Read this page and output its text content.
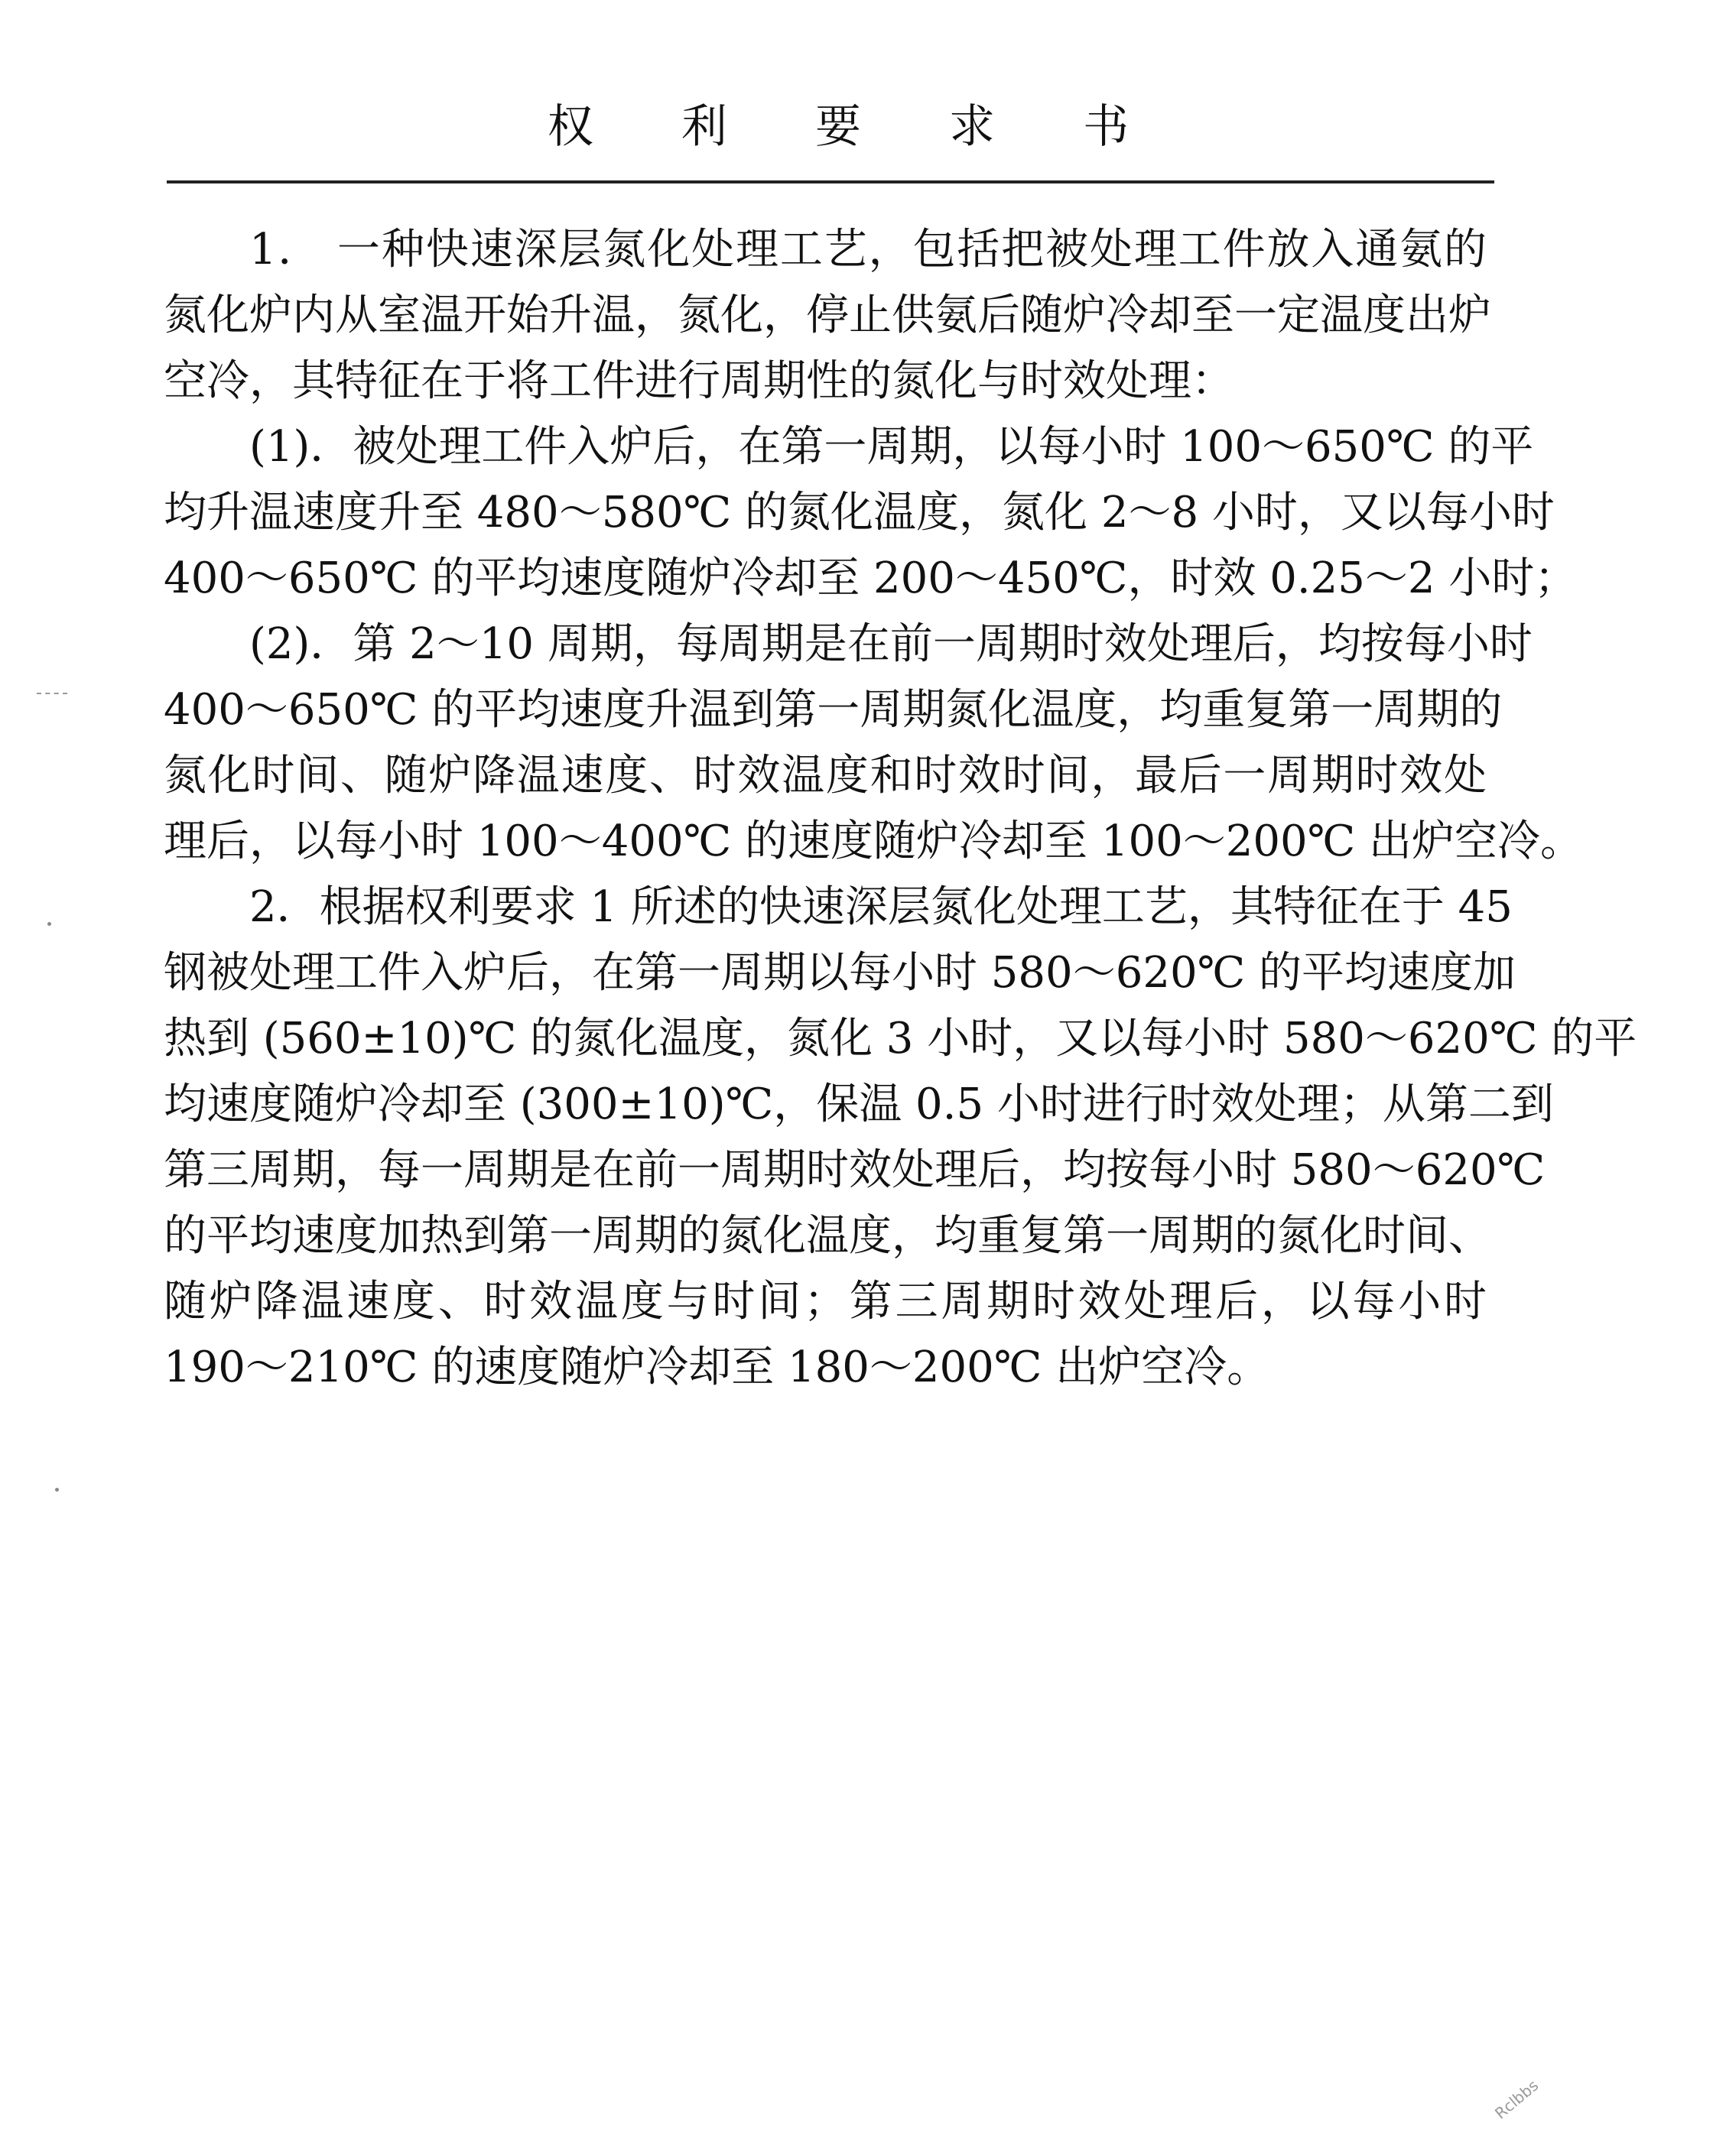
权 利 要 求 书
1． 一种快速深层氮化处理工艺，包括把被处理工件放入通氨的
氮化炉内从室温开始升温，氮化，停止供氨后随炉冷却至一定温度出炉
空冷，其特征在于将工件进行周期性的氮化与时效处理：
(1)．被处理工件入炉后，在第一周期，以每小时 100～650℃ 的平
均升温速度升至 480～580℃ 的氮化温度，氮化 2～8 小时，又以每小时
400～650℃ 的平均速度随炉冷却至 200～450℃，时效 0.25～2 小时；
(2)．第 2～10 周期，每周期是在前一周期时效处理后，均按每小时
400～650℃ 的平均速度升温到第一周期氮化温度，均重复第一周期的
氮化时间、随炉降温速度、时效温度和时效时间，最后一周期时效处
理后，以每小时 100～400℃ 的速度随炉冷却至 100～200℃ 出炉空冷。
2．根据权利要求 1 所述的快速深层氮化处理工艺，其特征在于 45
钢被处理工件入炉后，在第一周期以每小时 580～620℃ 的平均速度加
热到 (560±10)℃ 的氮化温度，氮化 3 小时，又以每小时 580～620℃ 的平
均速度随炉冷却至 (300±10)℃，保温 0.5 小时进行时效处理；从第二到
第三周期，每一周期是在前一周期时效处理后，均按每小时 580～620℃
的平均速度加热到第一周期的氮化温度，均重复第一周期的氮化时间、
随炉降温速度、时效温度与时间；第三周期时效处理后，以每小时
190～210℃ 的速度随炉冷却至 180～200℃ 出炉空冷。
Rclbbs
